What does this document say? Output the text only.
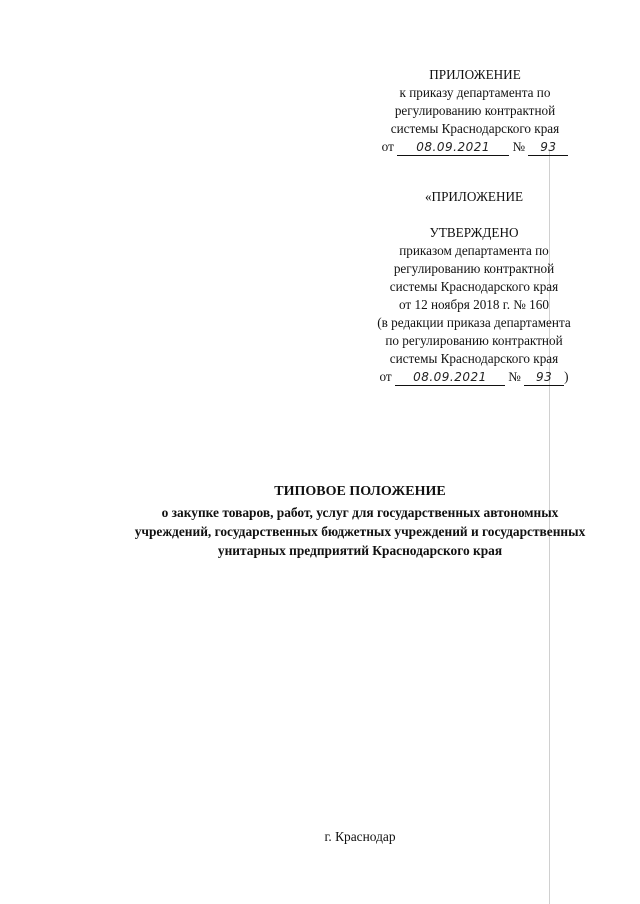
ПРИЛОЖЕНИЕ
к приказу департамента по
регулированию контрактной
системы Краснодарского края
от 08.09.2021 № 93
«ПРИЛОЖЕНИЕ
УТВЕРЖДЕНО
приказом департамента по
регулированию контрактной
системы Краснодарского края
от 12 ноября 2018 г. № 160
(в редакции приказа департамента
по регулированию контрактной
системы Краснодарского края
от 08.09.2021 № 93 )
ТИПОВОЕ ПОЛОЖЕНИЕ
о закупке товаров, работ, услуг для государственных автономных
учреждений, государственных бюджетных учреждений и государственных
унитарных предприятий Краснодарского края
г. Краснодар
